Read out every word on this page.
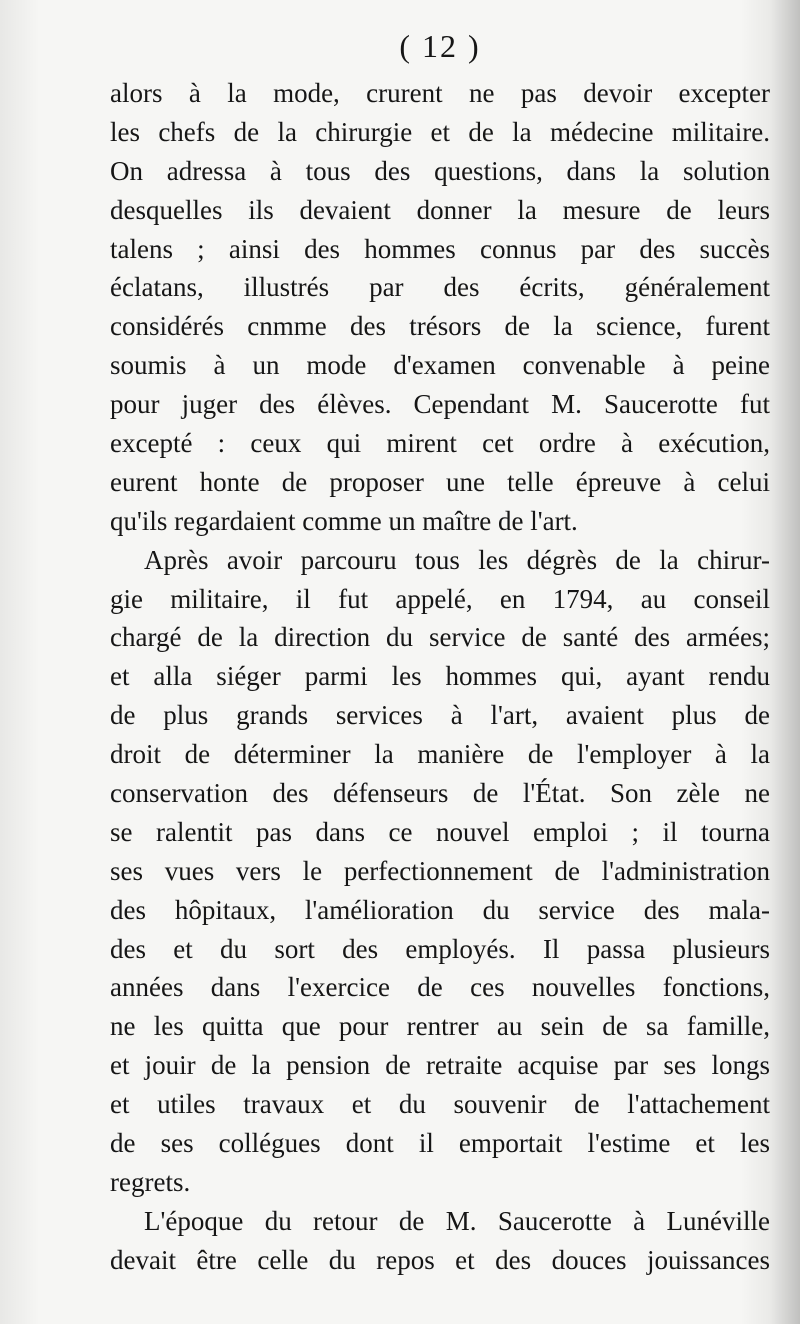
( 12 )
alors à la mode, crurent ne pas devoir excepter
les chefs de la chirurgie et de la médecine militaire.
On adressa à tous des questions, dans la solution
desquelles ils devaient donner la mesure de leurs
talens ; ainsi des hommes connus par des succès
éclatans, illustrés par des écrits, généralement
considérés cnmme des trésors de la science, furent
soumis à un mode d'examen convenable à peine
pour juger des élèves. Cependant M. Saucerotte fut
excepté : ceux qui mirent cet ordre à exécution,
eurent honte de proposer une telle épreuve à celui
qu'ils regardaient comme un maître de l'art.
Après avoir parcouru tous les dégrès de la chirur-
gie militaire, il fut appelé, en 1794, au conseil
chargé de la direction du service de santé des armées;
et alla siéger parmi les hommes qui, ayant rendu
de plus grands services à l'art, avaient plus de
droit de déterminer la manière de l'employer à la
conservation des défenseurs de l'État. Son zèle ne
se ralentit pas dans ce nouvel emploi ; il tourna
ses vues vers le perfectionnement de l'administration
des hôpitaux, l'amélioration du service des mala-
des et du sort des employés. Il passa plusieurs
années dans l'exercice de ces nouvelles fonctions,
ne les quitta que pour rentrer au sein de sa famille,
et jouir de la pension de retraite acquise par ses longs
et utiles travaux et du souvenir de l'attachement
de ses collégues dont il emportait l'estime et les
regrets.
L'époque du retour de M. Saucerotte à Lunéville
devait être celle du repos et des douces jouissances
